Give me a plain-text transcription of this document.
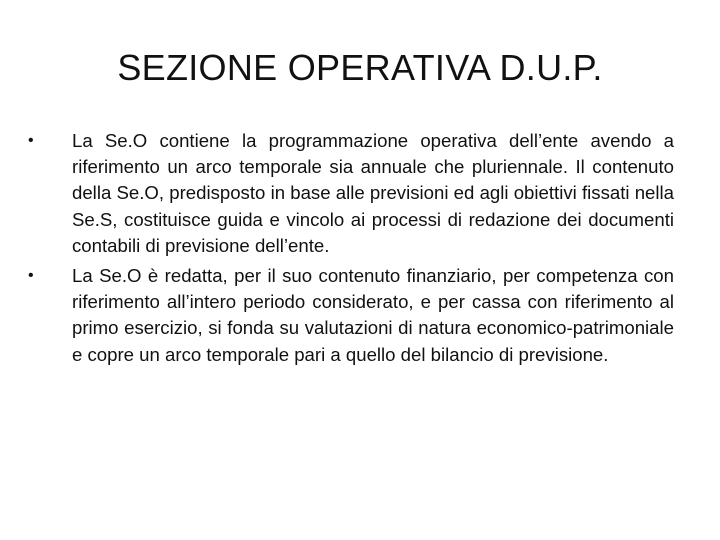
SEZIONE OPERATIVA D.U.P.
•	La Se.O contiene la programmazione operativa dell’ente avendo a riferimento un arco temporale sia annuale che pluriennale. Il contenuto della Se.O, predisposto in base alle previsioni ed agli obiettivi fissati nella Se.S, costituisce guida e vincolo ai processi di redazione dei documenti contabili di previsione dell’ente.
•	La Se.O è redatta, per il suo contenuto finanziario, per competenza con riferimento all’intero periodo considerato, e per cassa con riferimento al primo esercizio, si fonda su valutazioni di natura economico-patrimoniale e copre un arco temporale pari a quello del bilancio di previsione.
